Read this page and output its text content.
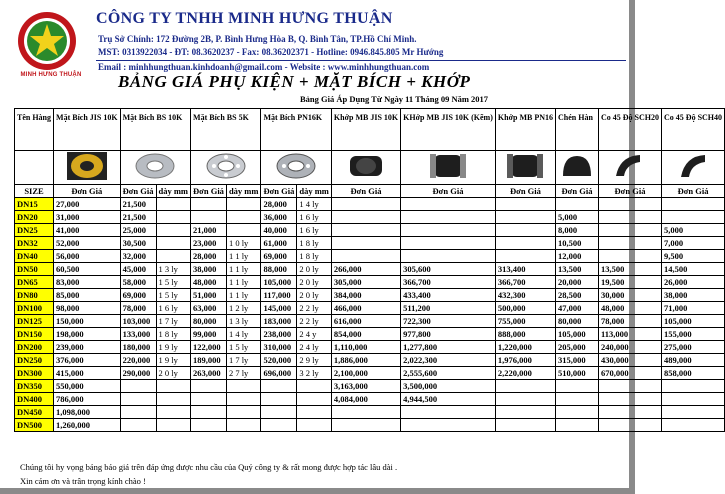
MINH HƯNG THUẬN
CÔNG TY TNHH MINH HƯNG THUẬN
Trụ Sở Chính: 172 Đường 2B, P. Bình Hưng Hòa B, Q. Bình Tân, TP.Hồ Chí Minh.
MST: 0313922034 - ĐT: 08.3620237 - Fax: 08.36202371 - Hotline: 0946.845.805 Mr Hướng
Email : minhhungthuan.kinhdoanh@gmail.com - Website : www.minhhungthuan.com
BẢNG GIÁ PHỤ KIỆN + MẶT BÍCH + KHỚP
Bảng Giá Áp Dụng Từ Ngày 11 Tháng 09 Năm 2017
Tên Hàng	Mặt Bích JIS 10K	Mặt Bích BS 10K		Mặt Bích BS 5K		Mặt Bích PN16K		Khớp MB JIS 10K	KHớp MB JIS 10K (Kẽm)	Khớp MB PN16	Chén Hàn	Co 45 Độ SCH20	Co 45 Độ SCH40

SIZE	Đơn Giá	Đơn Giá	dày mm	Đơn Giá	dày mm	Đơn Giá	dày mm	Đơn Giá	Đơn Giá	Đơn Giá	Đơn Giá	Đơn Giá	Đơn Giá
DN15	27,000	21,500				28,000	1 4 ly						
DN20	31,000	21,500				36,000	1 6 ly				5,000		
DN25	41,000	25,000		21,000		40,000	1 6 ly				8,000		5,000
DN32	52,000	30,500		23,000	1 0 ly	61,000	1 8 ly				10,500		7,000
DN40	56,000	32,000		28,000	1 1 ly	69,000	1 8 ly				12,000		9,500
DN50	60,500	45,000	1 3 ly	38,000	1 1 ly	88,000	2 0 ly	266,000	305,600	313,400	13,500	13,500	14,500
DN65	83,000	58,000	1 5 ly	48,000	1 1 ly	105,000	2 0 ly	305,000	366,700	366,700	20,000	19,500	26,000
DN80	85,000	69,000	1 5 ly	51,000	1 1 ly	117,000	2 0 ly	384,000	433,400	432,300	28,500	30,000	38,000
DN100	98,000	78,000	1 6 ly	63,000	1 2 ly	145,000	2 2 ly	466,000	511,200	500,000	47,000	48,000	71,000
DN125	150,000	103,000	1 7 ly	80,000	1 3 ly	183,000	2 2 ly	616,000	722,300	755,000	80,000	78,000	105,000
DN150	198,000	133,000	1 8 ly	99,000	1 4 ly	238,000	2 4 y	854,000	977,800	888,000	105,000	113,000	155,000
DN200	239,000	180,000	1 9 ly	122,000	1 5 ly	310,000	2 4 ly	1,110,000	1,277,800	1,220,000	205,000	240,000	275,000
DN250	376,000	220,000	1 9 ly	189,000	1 7 ly	520,000	2 9 ly	1,886,000	2,022,300	1,976,000	315,000	430,000	489,000
DN300	415,000	290,000	2 0 ly	263,000	2 7 ly	696,000	3 2 ly	2,100,000	2,555,600	2,220,000	510,000	670,000	858,000
DN350	550,000							3,163,000	3,500,000				
DN400	786,000							4,084,000	4,944,500				
DN450	1,098,000												
DN500	1,260,000												
Chúng tôi hy vọng bảng báo giá trên đáp ứng được nhu cầu của Quý công ty & rất mong được hợp tác lâu dài .
Xin cám ơn và trân trọng kính chào !
